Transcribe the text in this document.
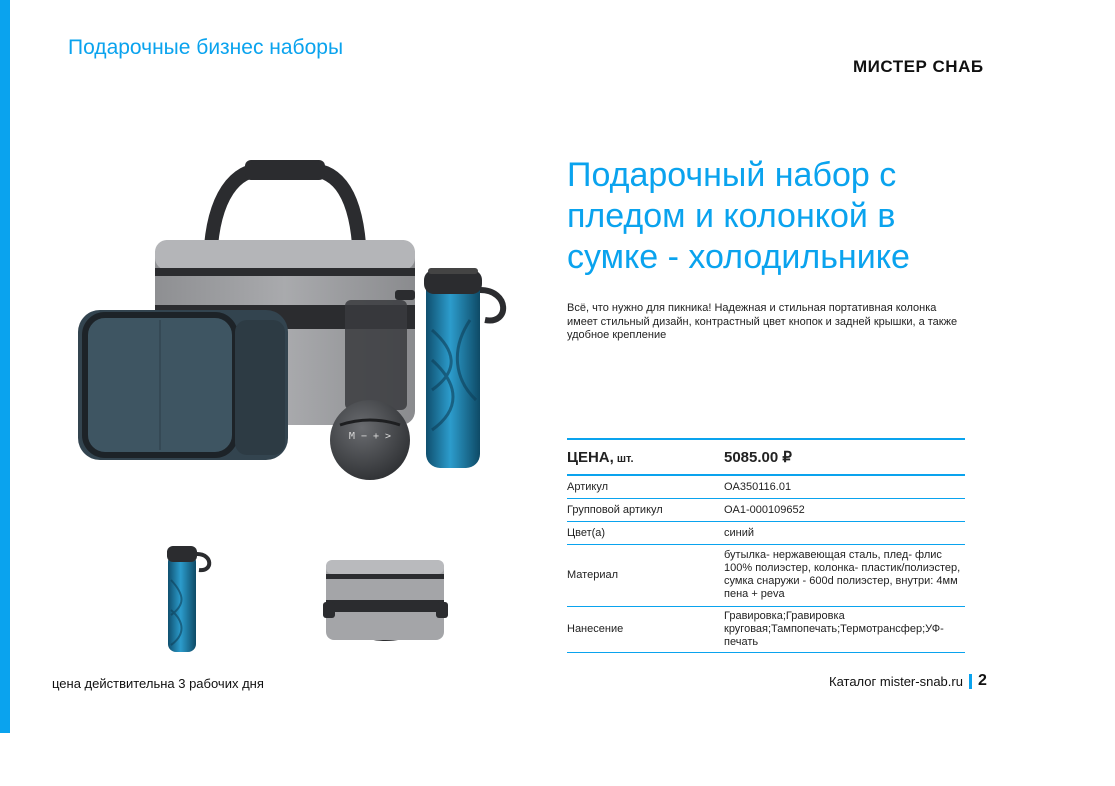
Подарочные бизнес наборы
МИСТЕР СНАБ
M − + >
Подарочный набор с пледом и колонкой в сумке - холодильнике
Всё, что нужно для пикника! Надежная и стильная портативная колонка имеет стильный дизайн, контрастный цвет кнопок и задней крышки, а также удобное крепление
ЦЕНА, шт.	5085.00 ₽
Артикул	OA350116.01
Групповой артикул	OA1-000109652
Цвет(а)	синий
Материал	бутылка- нержавеющая сталь, плед- флис 100% полиэстер, колонка- пластик/полиэстер, сумка снаружи - 600d полиэстер, внутри: 4мм пена + peva
Нанесение	Гравировка;Гравировка круговая;Тампопечать;Термотрансфер;УФ-печать
цена действительна 3 рабочих дня	Каталог mister-snab.ru 2
